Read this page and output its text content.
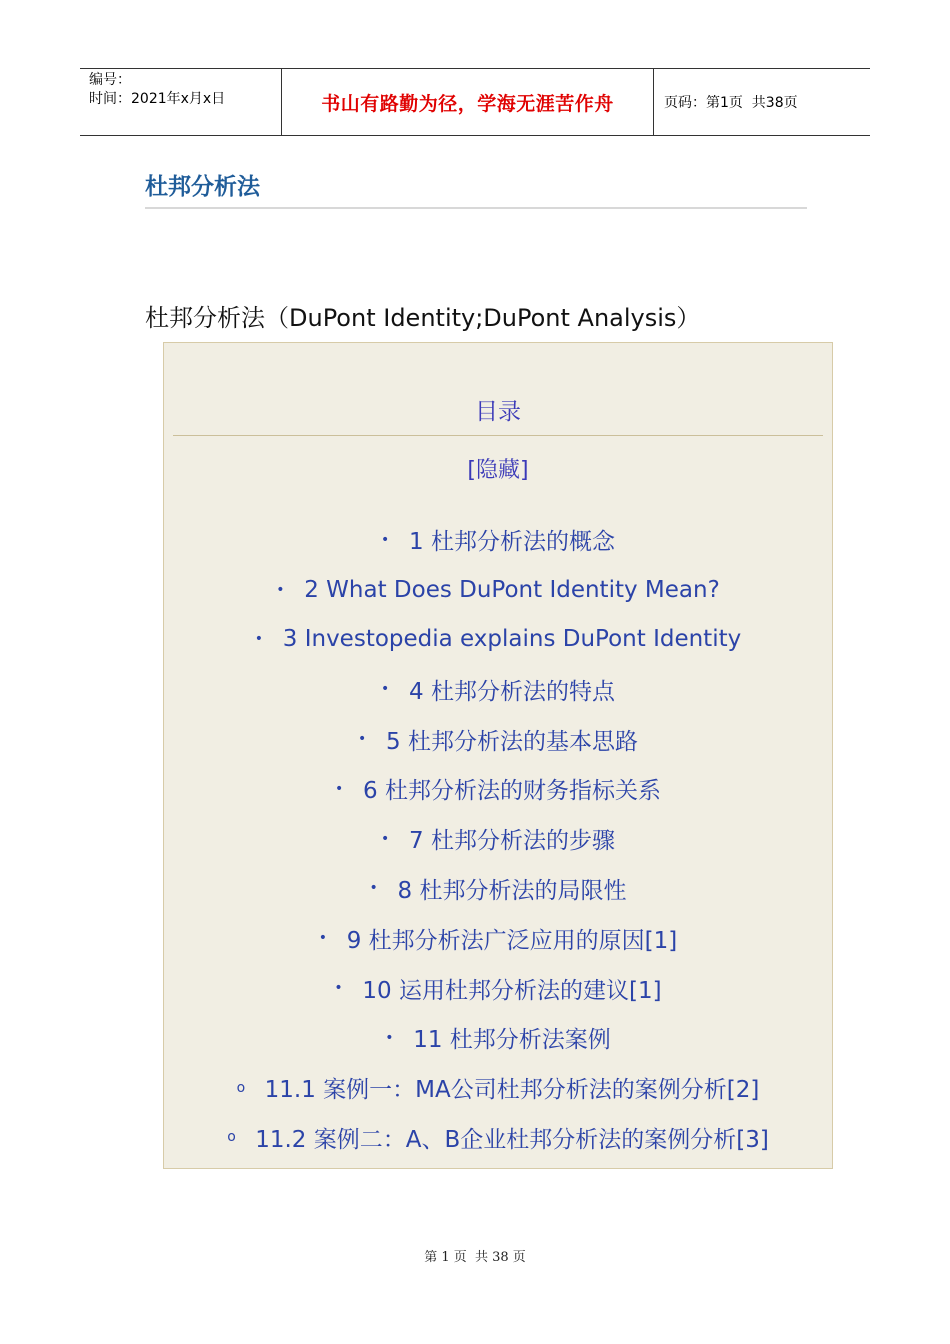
编号：
时间：2021年x月x日	书山有路勤为径，学海无涯苦作舟	页码：第1页  共38页
杜邦分析法
杜邦分析法（DuPont Identity;DuPont Analysis）
目录
[隐藏]
• 1 杜邦分析法的概念
• 2 What Does DuPont Identity Mean?
• 3 Investopedia explains DuPont Identity
• 4 杜邦分析法的特点
• 5 杜邦分析法的基本思路
• 6 杜邦分析法的财务指标关系
• 7 杜邦分析法的步骤
• 8 杜邦分析法的局限性
• 9 杜邦分析法广泛应用的原因[1]
• 10 运用杜邦分析法的建议[1]
• 11 杜邦分析法案例
o 11.1 案例一：MA公司杜邦分析法的案例分析[2]
o 11.2 案例二：A、B企业杜邦分析法的案例分析[3]
第 1 页  共 38 页
